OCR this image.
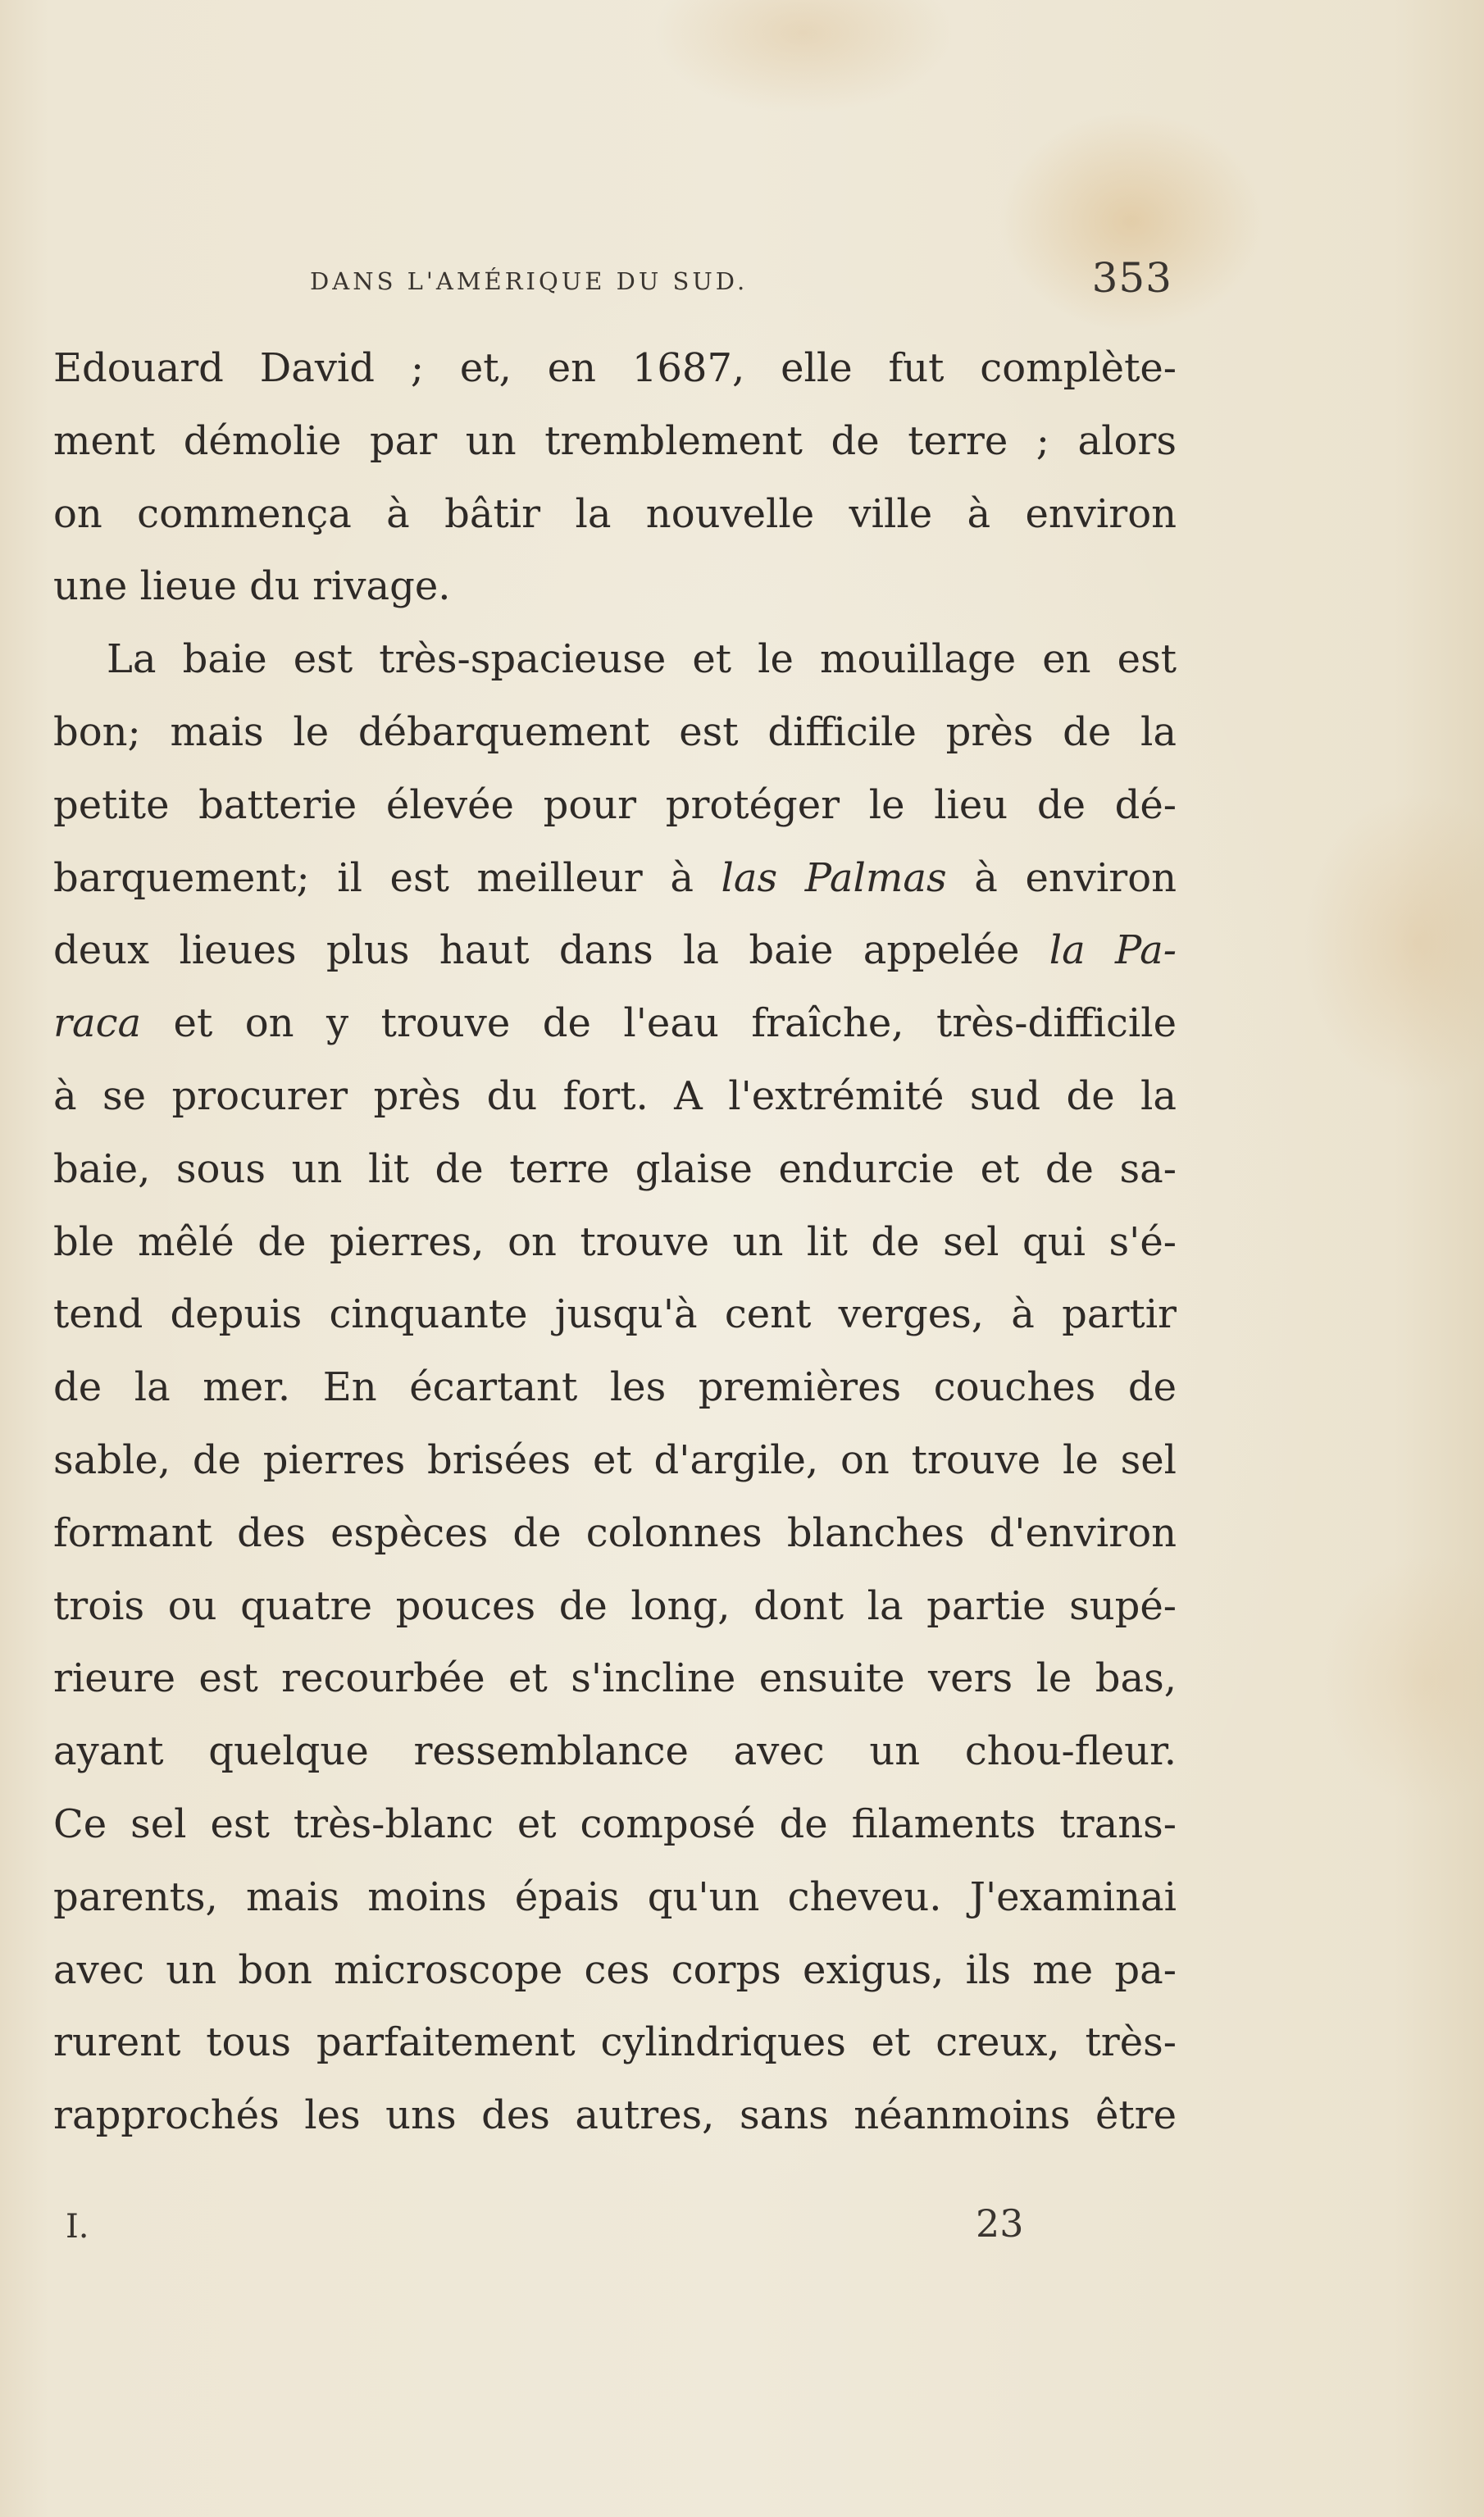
DANS L'AMÉRIQUE DU SUD.	353
Edouard David ; et, en 1687, elle fut complète-
ment démolie par un tremblement de terre ; alors
on commença à bâtir la nouvelle ville à environ
une lieue du rivage.
La baie est très-spacieuse et le mouillage en est
bon; mais le débarquement est difficile près de la
petite batterie élevée pour protéger le lieu de dé-
barquement; il est meilleur à las Palmas à environ
deux lieues plus haut dans la baie appelée la Pa-
raca et on y trouve de l'eau fraîche, très-difficile
à se procurer près du fort. A l'extrémité sud de la
baie, sous un lit de terre glaise endurcie et de sa-
ble mêlé de pierres, on trouve un lit de sel qui s'é-
tend depuis cinquante jusqu'à cent verges, à partir
de la mer. En écartant les premières couches de
sable, de pierres brisées et d'argile, on trouve le sel
formant des espèces de colonnes blanches d'environ
trois ou quatre pouces de long, dont la partie supé-
rieure est recourbée et s'incline ensuite vers le bas,
ayant quelque ressemblance avec un chou-fleur.
Ce sel est très-blanc et composé de filaments trans-
parents, mais moins épais qu'un cheveu. J'examinai
avec un bon microscope ces corps exigus, ils me pa-
rurent tous parfaitement cylindriques et creux, très-
rapprochés les uns des autres, sans néanmoins être
I.	23
